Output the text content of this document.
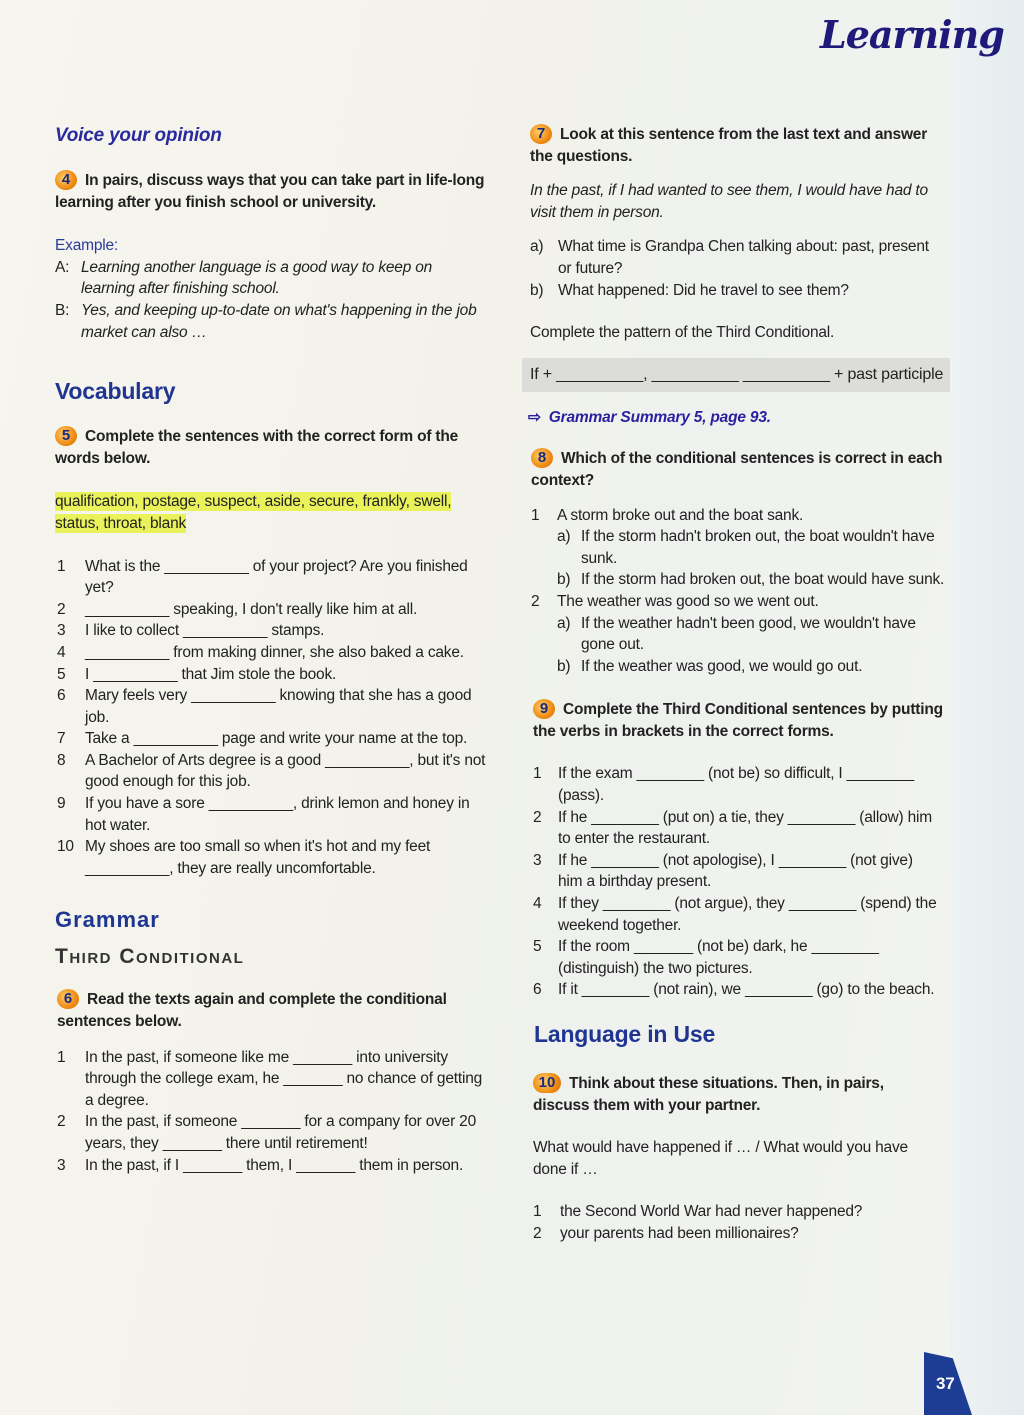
Learning
Voice your opinion
4 In pairs, discuss ways that you can take part in life-long learning after you finish school or university.
Example:
A: Learning another language is a good way to keep on learning after finishing school.
B: Yes, and keeping up-to-date on what's happening in the job market can also …
Vocabulary
5 Complete the sentences with the correct form of the words below.
qualification, postage, suspect, aside, secure, frankly, swell, status, throat, blank
1 What is the __________ of your project? Are you finished yet?
2 __________ speaking, I don't really like him at all.
3 I like to collect __________ stamps.
4 __________ from making dinner, she also baked a cake.
5 I __________ that Jim stole the book.
6 Mary feels very __________ knowing that she has a good job.
7 Take a __________ page and write your name at the top.
8 A Bachelor of Arts degree is a good __________, but it's not good enough for this job.
9 If you have a sore __________, drink lemon and honey in hot water.
10 My shoes are too small so when it's hot and my feet __________, they are really uncomfortable.
Grammar
Third Conditional
6 Read the texts again and complete the conditional sentences below.
1 In the past, if someone like me _______ into university through the college exam, he _______ no chance of getting a degree.
2 In the past, if someone _______ for a company for over 20 years, they _______ there until retirement!
3 In the past, if I _______ them, I _______ them in person.
7 Look at this sentence from the last text and answer the questions.
In the past, if I had wanted to see them, I would have had to visit them in person.
a) What time is Grandpa Chen talking about: past, present or future?
b) What happened: Did he travel to see them?
Complete the pattern of the Third Conditional.
If + __________, __________ __________ + past participle
⇨ Grammar Summary 5, page 93.
8 Which of the conditional sentences is correct in each context?
1 A storm broke out and the boat sank.
a) If the storm hadn't broken out, the boat wouldn't have sunk.
b) If the storm had broken out, the boat would have sunk.
2 The weather was good so we went out.
a) If the weather hadn't been good, we wouldn't have gone out.
b) If the weather was good, we would go out.
9 Complete the Third Conditional sentences by putting the verbs in brackets in the correct forms.
1 If the exam ________ (not be) so difficult, I ________ (pass).
2 If he ________ (put on) a tie, they ________ (allow) him to enter the restaurant.
3 If he ________ (not apologise), I ________ (not give) him a birthday present.
4 If they ________ (not argue), they ________ (spend) the weekend together.
5 If the room _______ (not be) dark, he ________ (distinguish) the two pictures.
6 If it ________ (not rain), we ________ (go) to the beach.
Language in Use
10 Think about these situations. Then, in pairs, discuss them with your partner.
What would have happened if … / What would you have done if …
1 the Second World War had never happened?
2 your parents had been millionaires?
37
